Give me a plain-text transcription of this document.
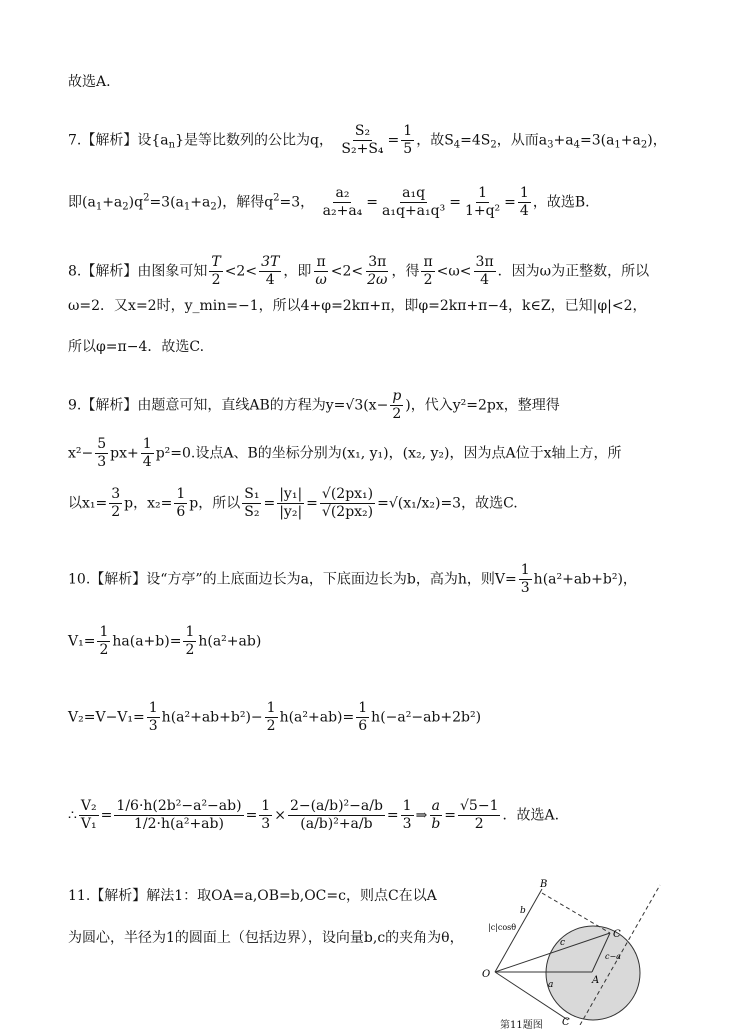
故选A.
7.【解析】设$\{a_n\}$是等比数列的公比为q， $\frac{\text{S₂}}{\text{S₂+S₄}} = \frac{1}{5}$ ，故$S_4=4S_2$，从而$a_3+a_4=3(a_1+a_2)$，
即$(a_1+a_2)q^2=3(a_1+a_2)$，解得$q^2=3$， $\frac{\text{a₂}}{\text{a₂+a₄}} = \frac{\text{a₁q}}{\text{a₁q+a₁q³}} = \frac{1}{\text{1+q²}} = \frac{1}{4}$ ，故选B.
8.【解析】由图象可知 $\frac{T}{2} <2< \frac{3T}{4}$ ，即 $\frac{\pi}{\omega} <2< \frac{3\pi}{2\omega}$ ，得 $\frac{\pi}{2} <\omega< \frac{3\pi}{4}$ ．因为ω为正整数，所以
ω=2．又x=2时，y_min=−1，所以4+φ=2kπ+π，即φ=2kπ+π−4，k∈Z，已知|φ|<2，
所以φ=π−4．故选C.
9.【解析】由题意可知，直线AB的方程为$y=√3(x- \frac{p}{2}$ )，代入y²=2px，整理得
$x^2- \frac{5}{3} px+ \frac{1}{4} p^2=0$.设点A、B的坐标分别为(x₁, y₁)，(x₂, y₂)，因为点A位于x轴上方，所
以$x_1= \frac{3}{2}$ p，$x_2= \frac{1}{6}$ p，所以 $\frac{\text{S₁}}{\text{S₂}} = \frac{\text{|y₁|}}{\text{|y₂|}} = \frac{\text{√(2px₁)}}{\text{√(2px₂)}} =√(x_1/x_2)=3$，故选C.
10.【解析】设“方亭”的上底面边长为a，下底面边长为b，高为h，则$V= \frac{1}{3} h(a^2+ab+b^2)$，
$V_1= \frac{1}{2} ha(a+b)= \frac{1}{2} h(a^2+ab)$
$V_2=V-V_1= \frac{1}{3} h(a^2+ab+b^2)- \frac{1}{2} h(a^2+ab)= \frac{1}{6} h(-a^2-ab+2b^2)$
∴ $\frac{\text{V₂}}{\text{V₁}} = \frac{\text{1/6·h(2b²−a²−ab)}}{\text{1/2·h(a²+ab)}} = \frac{1}{3} \times \frac{\text{2−(a/b)²−a/b}}{\text{(a/b)²+a/b}} = \frac{1}{3}$ ⇒ $\frac{a}{b} = \frac{√5-1}{2}$ ．故选A.
11.【解析】解法1：取OA=a,OB=b,OC=c，则点C在以A
为圆心，半径为1的圆面上（包括边界），设向量b,c的夹角为θ，
O
A
B
C
C
b
c
a
c−a
|c|cosθ
第11题图
